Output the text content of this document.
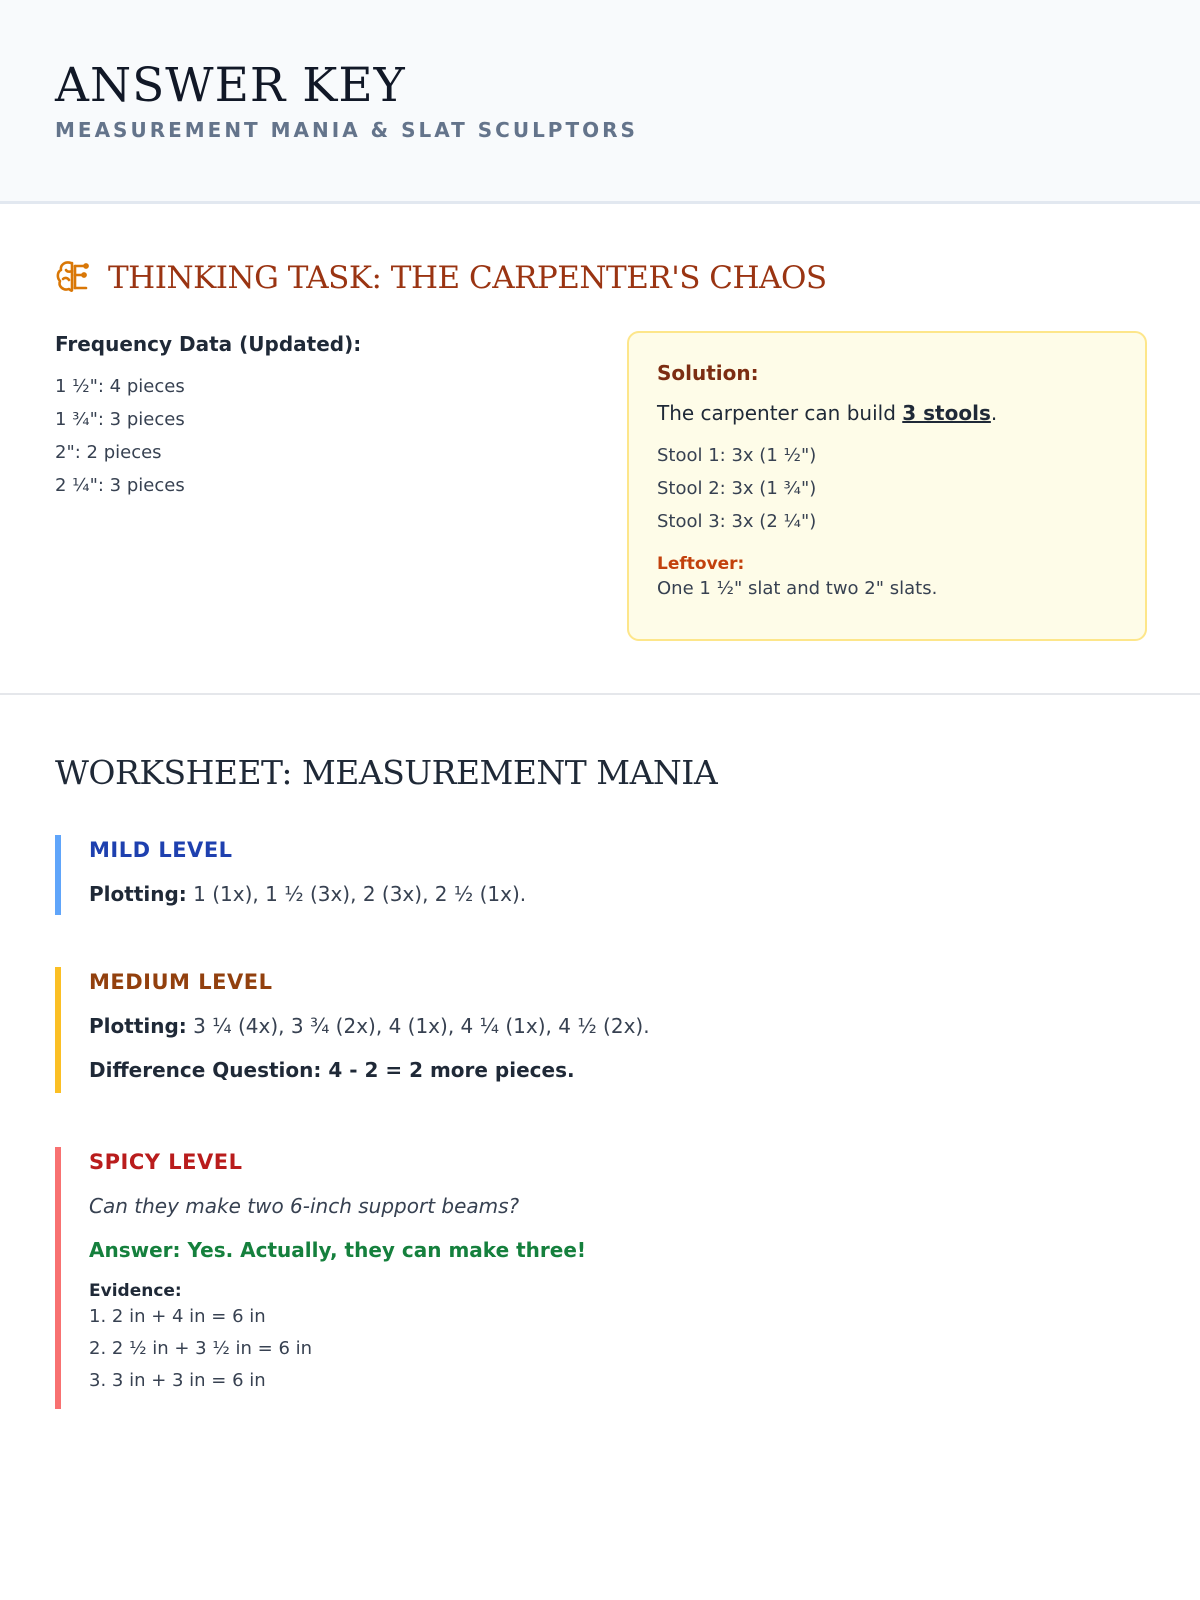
ANSWER KEY
MEASUREMENT MANIA & SLAT SCULPTORS
THINKING TASK: THE CARPENTER'S CHAOS
Frequency Data (Updated):
1 ½": 4 pieces
1 ¾": 3 pieces
2": 2 pieces
2 ¼": 3 pieces
Solution:
The carpenter can build 3 stools.
Stool 1: 3x (1 ½")
Stool 2: 3x (1 ¾")
Stool 3: 3x (2 ¼")
Leftover:
One 1 ½" slat and two 2" slats.
WORKSHEET: MEASUREMENT MANIA
MILD LEVEL
Plotting: 1 (1x), 1 ½ (3x), 2 (3x), 2 ½ (1x).
MEDIUM LEVEL
Plotting: 3 ¼ (4x), 3 ¾ (2x), 4 (1x), 4 ¼ (1x), 4 ½ (2x).
Difference Question: 4 - 2 = 2 more pieces.
SPICY LEVEL
Can they make two 6-inch support beams?
Answer: Yes. Actually, they can make three!
Evidence:
1. 2 in + 4 in = 6 in
2. 2 ½ in + 3 ½ in = 6 in
3. 3 in + 3 in = 6 in
